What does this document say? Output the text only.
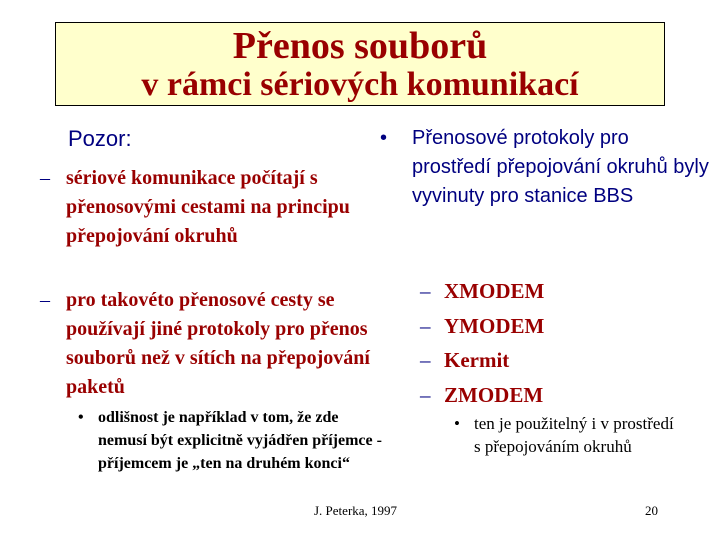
Přenos souborů
v rámci sériových komunikací
Pozor:
– sériové komunikace počítají s přenosovými cestami na principu přepojování okruhů
– pro takovéto přenosové cesty se používají jiné protokoly pro přenos souborů než v sítích na přepojování paketů
• odlišnost je například v tom, že zde nemusí být explicitně vyjádřen příjemce - příjemcem je „ten na druhém konci“
• Přenosové protokoly pro prostředí přepojování okruhů byly vyvinuty pro stanice BBS
– XMODEM
– YMODEM
– Kermit
– ZMODEM
• ten je použitelný i v prostředí s přepojováním okruhů
J. Peterka, 1997	20
